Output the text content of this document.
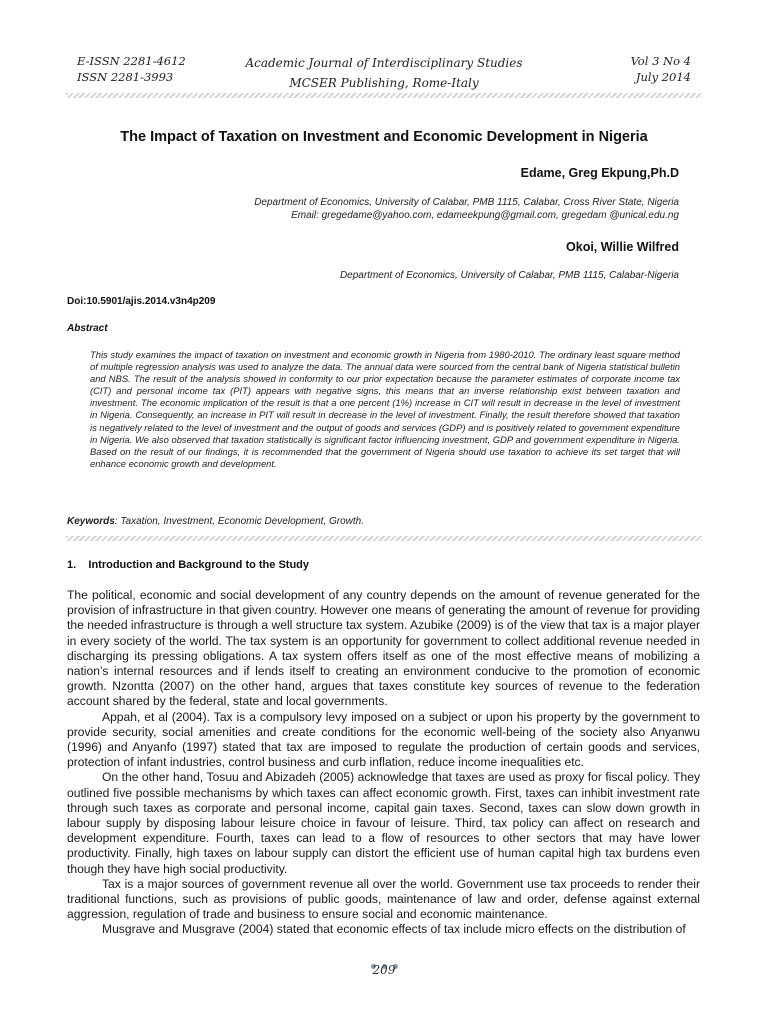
E-ISSN 2281-4612
ISSN 2281-3993
Academic Journal of Interdisciplinary Studies
MCSER Publishing, Rome-Italy
Vol 3 No 4
July 2014
The Impact of Taxation on Investment and Economic Development in Nigeria
Edame, Greg Ekpung,Ph.D
Department of Economics, University of Calabar, PMB 1115, Calabar, Cross River State, Nigeria
Email: gregedame@yahoo.com, edameekpung@gmail.com, gregedam @unical.edu.ng
Okoi, Willie Wilfred
Department of Economics, University of Calabar, PMB 1115, Calabar-Nigeria
Doi:10.5901/ajis.2014.v3n4p209
Abstract
This study examines the impact of taxation on investment and economic growth in Nigeria from 1980-2010. The ordinary least square method of multiple regression analysis was used to analyze the data. The annual data were sourced from the central bank of Nigeria statistical bulletin and NBS. The result of the analysis showed in conformity to our prior expectation because the parameter estimates of corporate income tax (CIT) and personal income tax (PIT) appears with negative signs, this means that an inverse relationship exist between taxation and investment. The economic implication of the result is that a one percent (1%) increase in CIT will result in decrease in the level of investment in Nigeria. Consequently, an increase in PIT will result in decrease in the level of investment. Finally, the result therefore showed that taxation is negatively related to the level of investment and the output of goods and services (GDP) and is positively related to government expenditure in Nigeria. We also observed that taxation statistically is significant factor influencing investment, GDP and government expenditure in Nigeria. Based on the result of our findings, it is recommended that the government of Nigeria should use taxation to achieve its set target that will enhance economic growth and development.
Keywords: Taxation, Investment, Economic Development, Growth.
1.    Introduction and Background to the Study

The political, economic and social development of any country depends on the amount of revenue generated for the provision of infrastructure in that given country. However one means of generating the amount of revenue for providing the needed infrastructure is through a well structure tax system. Azubike (2009) is of the view that tax is a major player in every society of the world. The tax system is an opportunity for government to collect additional revenue needed in discharging its pressing obligations. A tax system offers itself as one of the most effective means of mobilizing a nation’s internal resources and if lends itself to creating an environment conducive to the promotion of economic growth. Nzontta (2007) on the other hand, argues that taxes constitute key sources of revenue to the federation account shared by the federal, state and local governments.

Appah, et al (2004). Tax is a compulsory levy imposed on a subject or upon his property by the government to provide security, social amenities and create conditions for the economic well-being of the society also Anyanwu (1996) and Anyanfo (1997) stated that tax are imposed to regulate the production of certain goods and services, protection of infant industries, control business and curb inflation, reduce income inequalities etc.

On the other hand, Tosuu and Abizadeh (2005) acknowledge that taxes are used as proxy for fiscal policy. They outlined five possible mechanisms by which taxes can affect economic growth. First, taxes can inhibit investment rate through such taxes as corporate and personal income, capital gain taxes. Second, taxes can slow down growth in labour supply by disposing labour leisure choice in favour of leisure. Third, tax policy can affect on research and development expenditure. Fourth, taxes can lead to a flow of resources to other sectors that may have lower productivity. Finally, high taxes on labour supply can distort the efficient use of human capital high tax burdens even though they have high social productivity.

Tax is a major sources of government revenue all over the world. Government use tax proceeds to render their traditional functions, such as provisions of public goods, maintenance of law and order, defense against external aggression, regulation of trade and business to ensure social and economic maintenance.

Musgrave and Musgrave (2004) stated that economic effects of tax include micro effects on the distribution of

209
